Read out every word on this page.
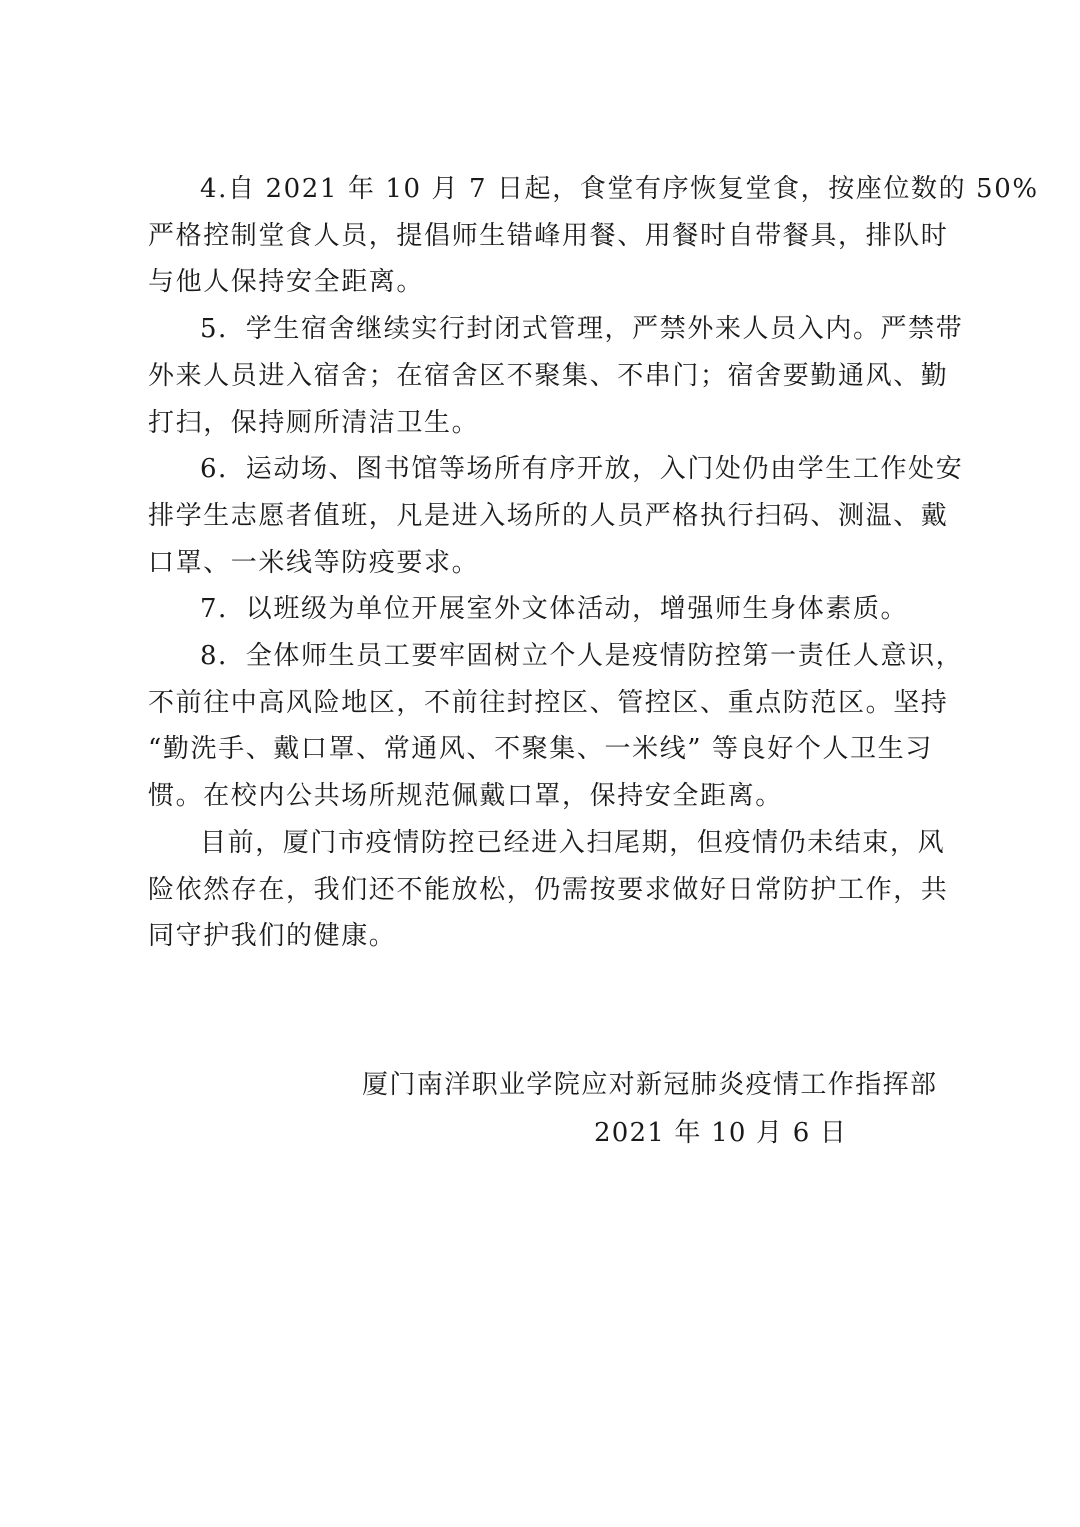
4.自 2021 年 10 月 7 日起，食堂有序恢复堂食，按座位数的 50%

严格控制堂食人员，提倡师生错峰用餐、用餐时自带餐具，排队时

与他人保持安全距离。

5．学生宿舍继续实行封闭式管理，严禁外来人员入内。严禁带

外来人员进入宿舍；在宿舍区不聚集、不串门；宿舍要勤通风、勤

打扫，保持厕所清洁卫生。

6．运动场、图书馆等场所有序开放，入门处仍由学生工作处安

排学生志愿者值班，凡是进入场所的人员严格执行扫码、测温、戴

口罩、一米线等防疫要求。

7．以班级为单位开展室外文体活动，增强师生身体素质。

8．全体师生员工要牢固树立个人是疫情防控第一责任人意识，

不前往中高风险地区，不前往封控区、管控区、重点防范区。坚持

“勤洗手、戴口罩、常通风、不聚集、一米线” 等良好个人卫生习

惯。在校内公共场所规范佩戴口罩，保持安全距离。

目前，厦门市疫情防控已经进入扫尾期，但疫情仍未结束，风

险依然存在，我们还不能放松，仍需按要求做好日常防护工作，共

同守护我们的健康。

厦门南洋职业学院应对新冠肺炎疫情工作指挥部
2021 年 10 月 6 日
